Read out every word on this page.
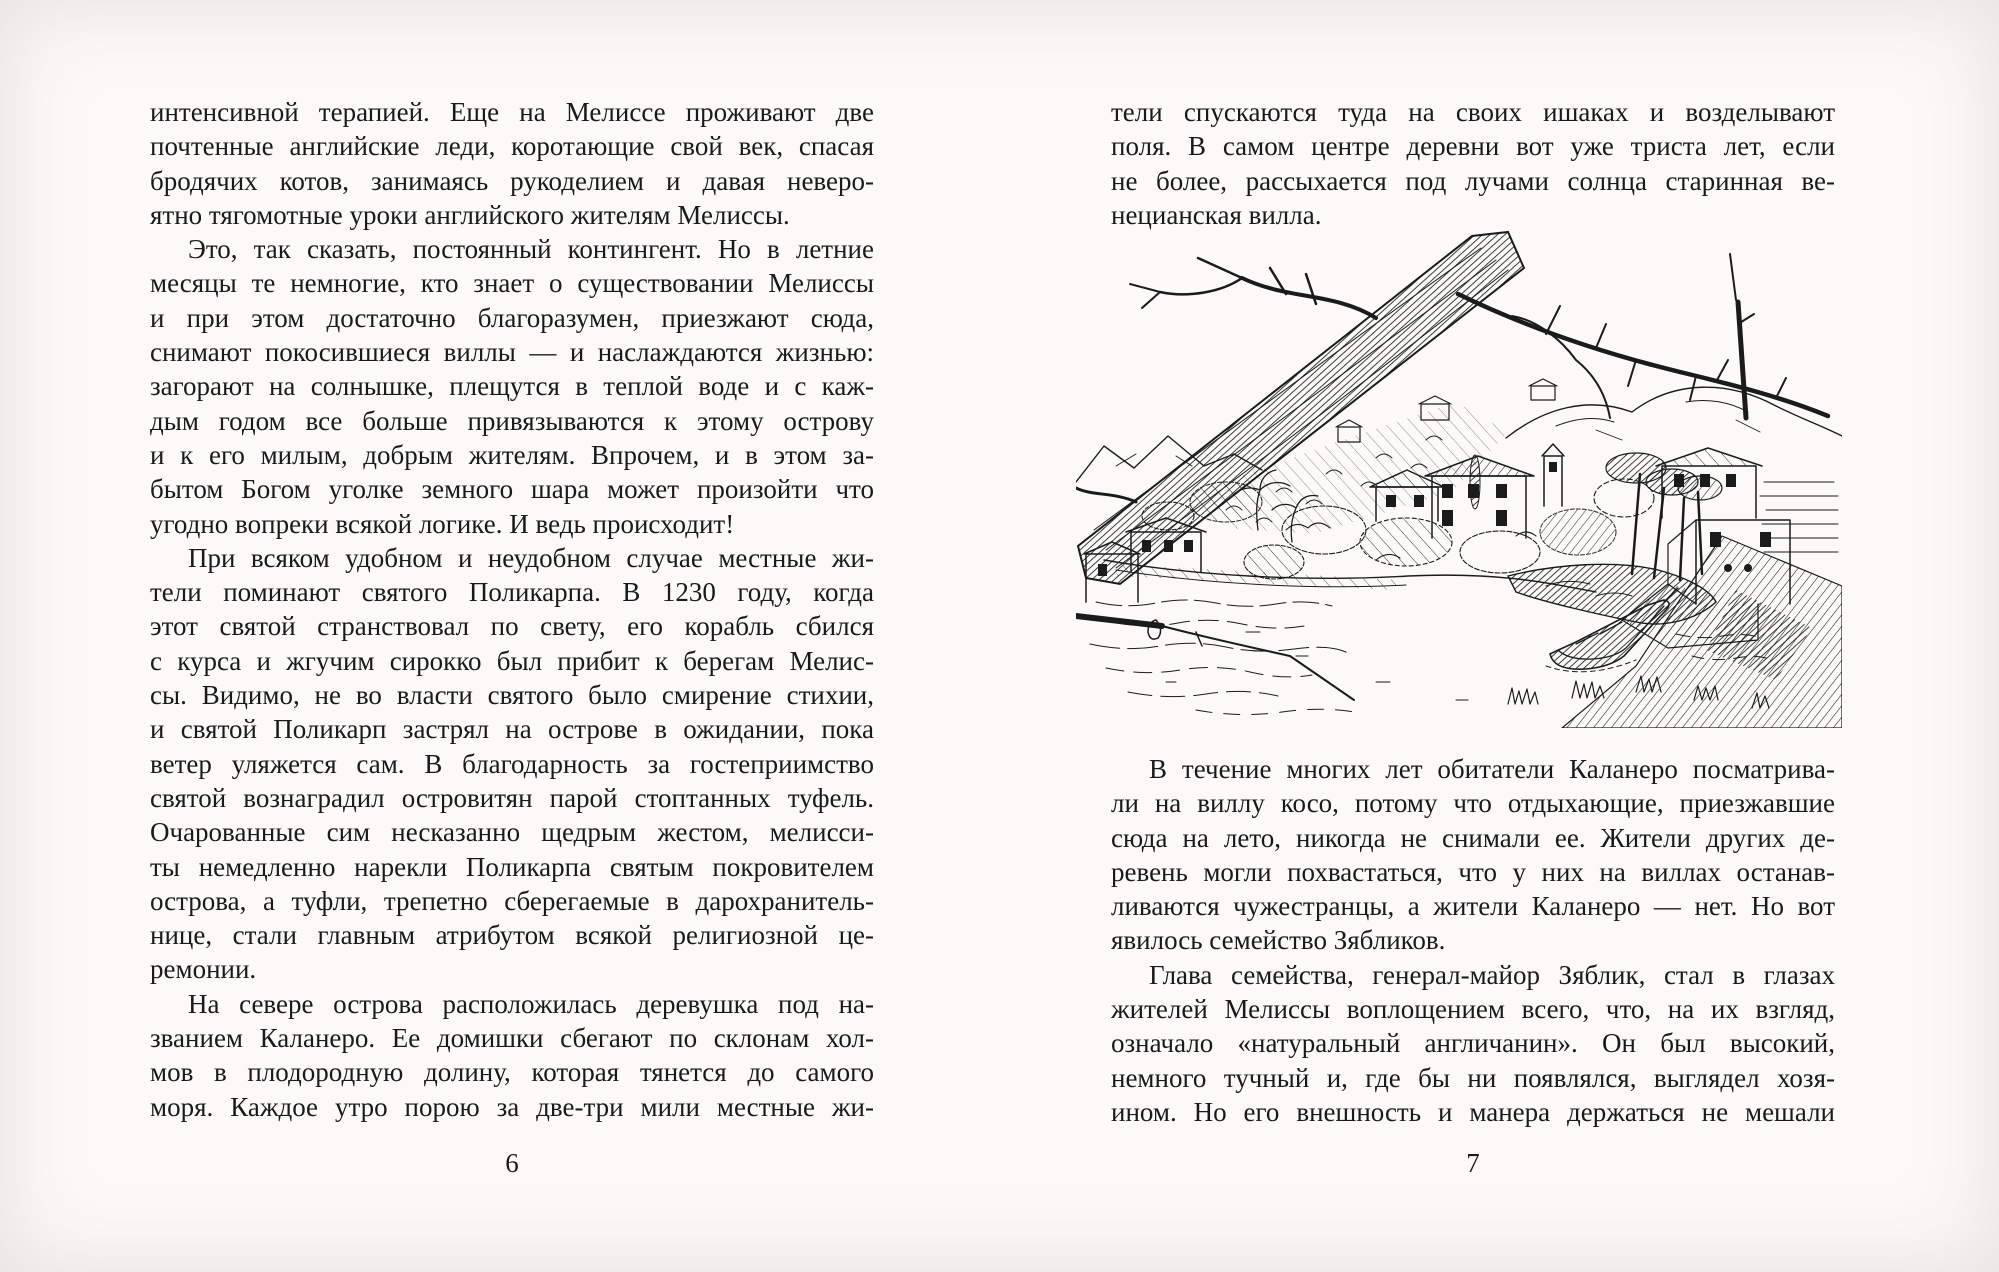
интенсивной терапией. Еще на Мелиссе проживают две
почтенные английские леди, коротающие свой век, спасая
бродячих котов, занимаясь рукоделием и давая неверо-
ятно тягомотные уроки английского жителям Мелиссы.
Это, так сказать, постоянный контингент. Но в летние
месяцы те немногие, кто знает о существовании Мелиссы
и при этом достаточно благоразумен, приезжают сюда,
снимают покосившиеся виллы — и наслаждаются жизнью:
загорают на солнышке, плещутся в теплой воде и с каж-
дым годом все больше привязываются к этому острову
и к его милым, добрым жителям. Впрочем, и в этом за-
бытом Богом уголке земного шара может произойти что
угодно вопреки всякой логике. И ведь происходит!
При всяком удобном и неудобном случае местные жи-
тели поминают святого Поликарпа. В 1230 году, когда
этот святой странствовал по свету, его корабль сбился
с курса и жгучим сирокко был прибит к берегам Мелис-
сы. Видимо, не во власти святого было смирение стихии,
и святой Поликарп застрял на острове в ожидании, пока
ветер уляжется сам. В благодарность за гостеприимство
святой вознаградил островитян парой стоптанных туфель.
Очарованные сим несказанно щедрым жестом, мелисси-
ты немедленно нарекли Поликарпа святым покровителем
острова, а туфли, трепетно сберегаемые в дарохранитель-
нице, стали главным атрибутом всякой религиозной це-
ремонии.
На севере острова расположилась деревушка под на-
званием Каланеро. Ее домишки сбегают по склонам хол-
мов в плодородную долину, которая тянется до самого
моря. Каждое утро порою за две-три мили местные жи-
тели спускаются туда на своих ишаках и возделывают
поля. В самом центре деревни вот уже триста лет, если
не более, рассыхается под лучами солнца старинная ве-
нецианская вилла.
В течение многих лет обитатели Каланеро посматрива-
ли на виллу косо, потому что отдыхающие, приезжавшие
сюда на лето, никогда не снимали ее. Жители других де-
ревень могли похвастаться, что у них на виллах останав-
ливаются чужестранцы, а жители Каланеро — нет. Но вот
явилось семейство Зябликов.
Глава семейства, генерал-майор Зяблик, стал в глазах
жителей Мелиссы воплощением всего, что, на их взгляд,
означало «натуральный англичанин». Он был высокий,
немного тучный и, где бы ни появлялся, выглядел хозя-
ином. Но его внешность и манера держаться не мешали
6	7
